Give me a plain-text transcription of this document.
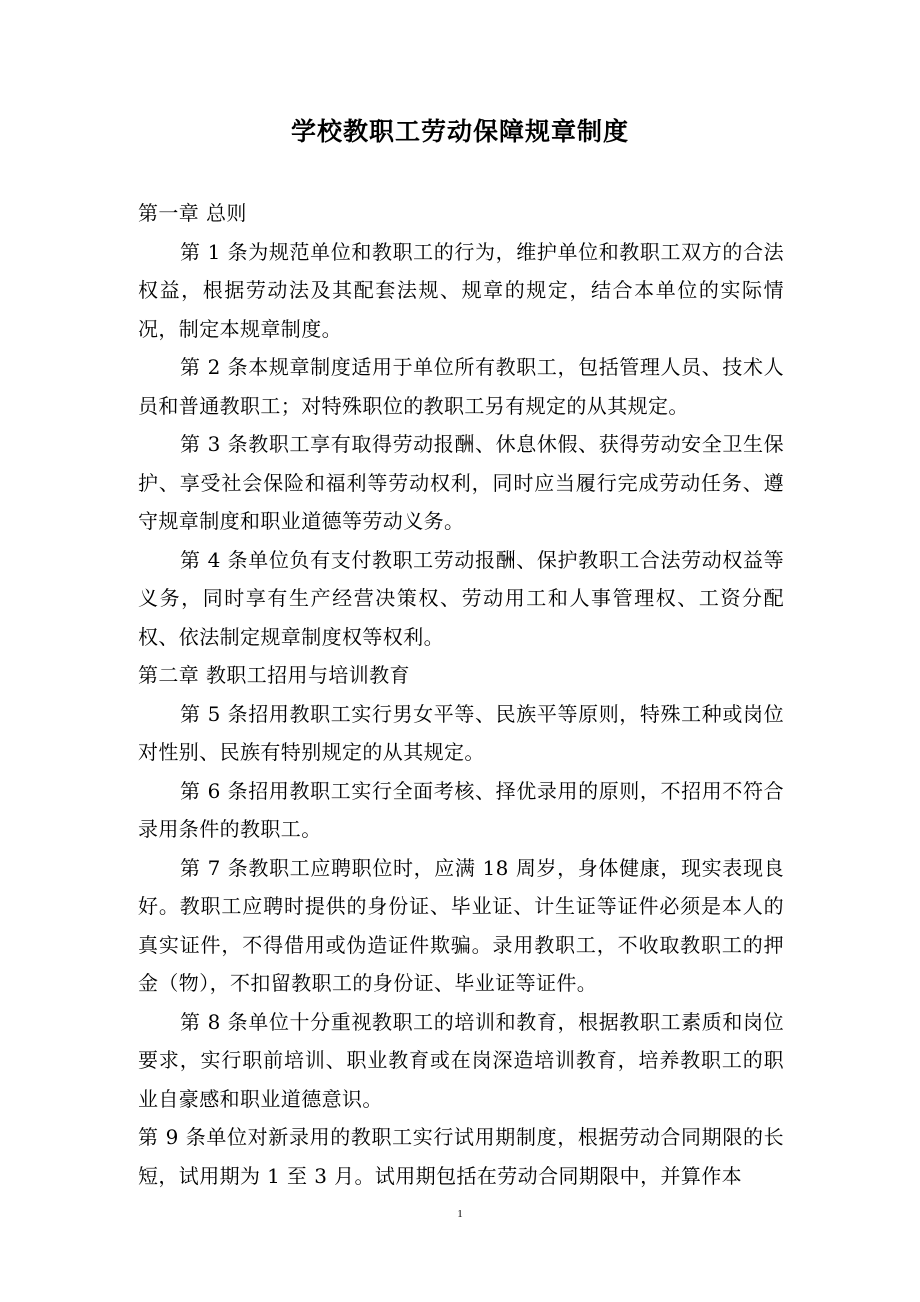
学校教职工劳动保障规章制度

第一章 总则

第 1 条为规范单位和教职工的行为，维护单位和教职工双方的合法权益，根据劳动法及其配套法规、规章的规定，结合本单位的实际情况，制定本规章制度。

第 2 条本规章制度适用于单位所有教职工，包括管理人员、技术人员和普通教职工；对特殊职位的教职工另有规定的从其规定。

第 3 条教职工享有取得劳动报酬、休息休假、获得劳动安全卫生保护、享受社会保险和福利等劳动权利，同时应当履行完成劳动任务、遵守规章制度和职业道德等劳动义务。

第 4 条单位负有支付教职工劳动报酬、保护教职工合法劳动权益等义务，同时享有生产经营决策权、劳动用工和人事管理权、工资分配权、依法制定规章制度权等权利。

第二章 教职工招用与培训教育

第 5 条招用教职工实行男女平等、民族平等原则，特殊工种或岗位对性别、民族有特别规定的从其规定。

第 6 条招用教职工实行全面考核、择优录用的原则，不招用不符合录用条件的教职工。

第 7 条教职工应聘职位时，应满 18 周岁，身体健康，现实表现良好。教职工应聘时提供的身份证、毕业证、计生证等证件必须是本人的真实证件，不得借用或伪造证件欺骗。录用教职工，不收取教职工的押金（物），不扣留教职工的身份证、毕业证等证件。

第 8 条单位十分重视教职工的培训和教育，根据教职工素质和岗位要求，实行职前培训、职业教育或在岗深造培训教育，培养教职工的职业自豪感和职业道德意识。

第 9 条单位对新录用的教职工实行试用期制度，根据劳动合同期限的长短，试用期为 1 至 3 月。试用期包括在劳动合同期限中，并算作本

1
